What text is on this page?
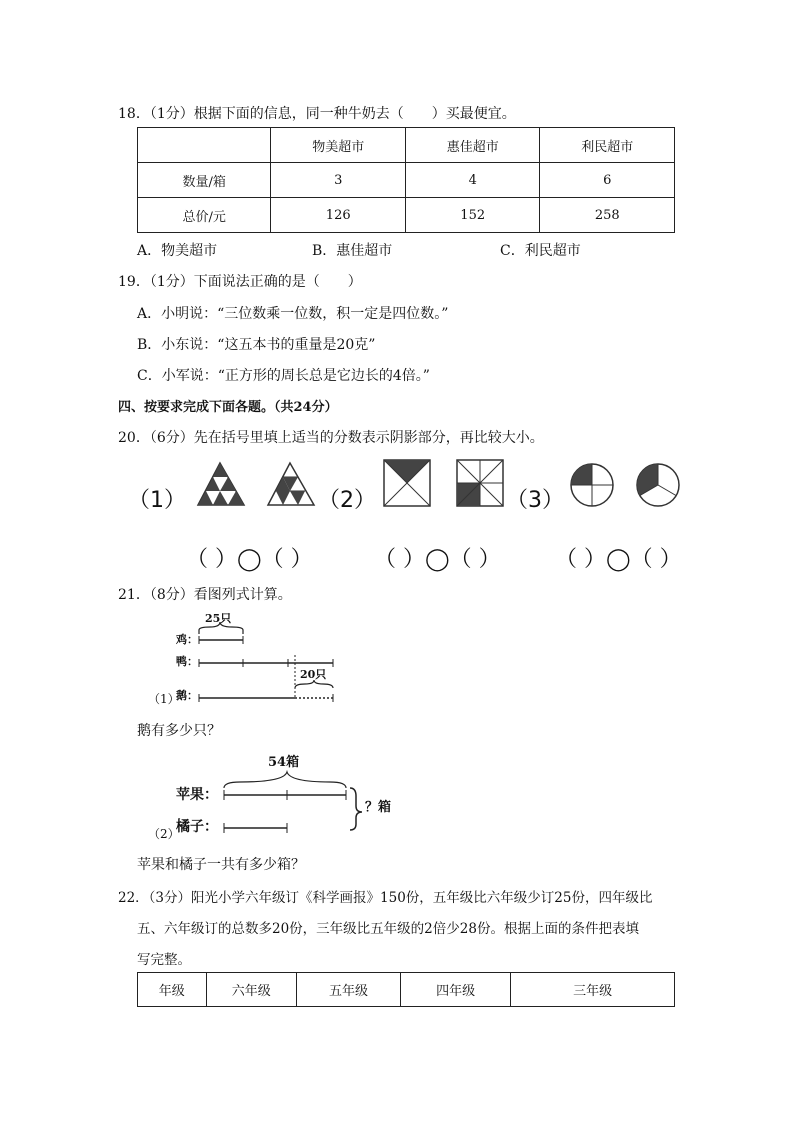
18．（1分）根据下面的信息，同一种牛奶去（　　）买最便宜。
	物美超市	惠佳超市	利民超市
数量/箱	3	4	6
总价/元	126	152	258
A．物美超市	B．惠佳超市	C．利民超市
19．（1分）下面说法正确的是（　　）
A．小明说：“三位数乘一位数，积一定是四位数。”
B．小东说：“这五本书的重量是20克”
C．小军说：“正方形的周长总是它边长的4倍。”
四、按要求完成下面各题。（共24分）
20．（6分）先在括号里填上适当的分数表示阴影部分，再比较大小。
（1）	（2）	（3）
（ ）◯（ ）	（ ）◯（ ） （ ）◯（ ）
21．（8分）看图列式计算。
（1）
鸡：
鸭：
鹅：
25只
20只
鹅有多少只？
（2）
苹果：
橘子：
54箱
？箱
苹果和橘子一共有多少箱？
22．（3分）阳光小学六年级订《科学画报》150份，五年级比六年级少订25份，四年级比
五、六年级订的总数多20份，三年级比五年级的2倍少28份。根据上面的条件把表填
写完整。
年级	六年级	五年级	四年级	三年级
